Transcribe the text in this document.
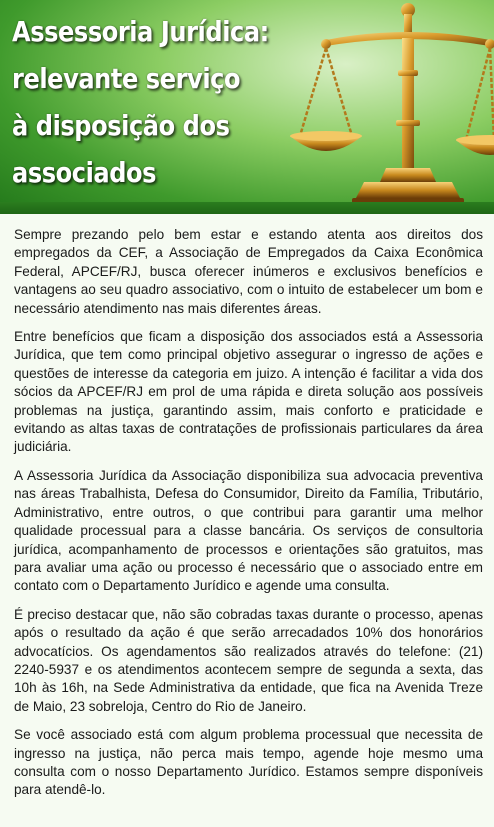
Assessoria Jurídica:
relevante serviço
à disposição dos
associados

Sempre prezando pelo bem estar e estando atenta aos direitos dos empregados da CEF, a Associação de Empregados da Caixa Econômica Federal, APCEF/RJ, busca oferecer inúmeros e exclusivos benefícios e vantagens ao seu quadro associativo, com o intuito de estabelecer um bom e necessário atendimento nas mais diferentes áreas.

Entre benefícios que ficam a disposição dos associados está a Assessoria Jurídica, que tem como principal objetivo assegurar o ingresso de ações e questões de interesse da categoria em juizo. A intenção é facilitar a vida dos sócios da APCEF/RJ em prol de uma rápida e direta solução aos possíveis problemas na justiça, garantindo assim, mais conforto e praticidade e evitando as altas taxas de contratações de profissionais particulares da área judiciária.

A Assessoria Jurídica da Associação disponibiliza sua advocacia preventiva nas áreas Trabalhista, Defesa do Consumidor, Direito da Família, Tributário, Administrativo, entre outros, o que contribui para garantir uma melhor qualidade processual para a classe bancária. Os serviços de consultoria jurídica, acompanhamento de processos e orientações são gratuitos, mas para avaliar uma ação ou processo é necessário que o associado entre em contato com o Departamento Jurídico e agende uma consulta.

É preciso destacar que, não são cobradas taxas durante o processo, apenas após o resultado da ação é que serão arrecadados 10% dos honorários advocatícios. Os agendamentos são realizados através do telefone: (21) 2240-5937 e os atendimentos acontecem sempre de segunda a sexta, das 10h às 16h, na Sede Administrativa da entidade, que fica na Avenida Treze de Maio, 23 sobreloja, Centro do Rio de Janeiro.

Se você associado está com algum problema processual que necessita de ingresso na justiça, não perca mais tempo, agende hoje mesmo uma consulta com o nosso Departamento Jurídico. Estamos sempre disponíveis para atendê-lo.
